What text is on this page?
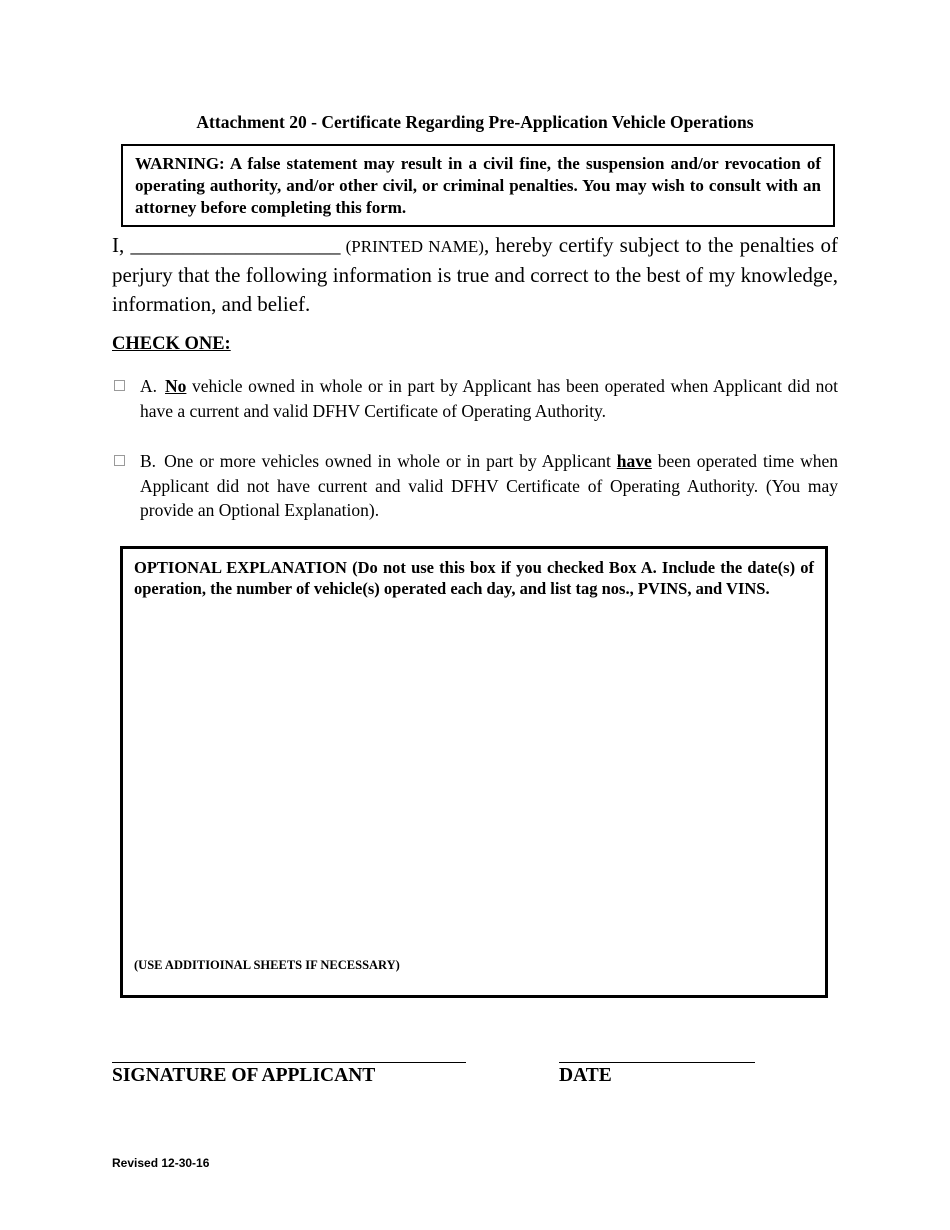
Attachment 20 - Certificate Regarding Pre-Application Vehicle Operations
WARNING: A false statement may result in a civil fine, the suspension and/or revocation of operating authority, and/or other civil, or criminal penalties. You may wish to consult with an attorney before completing this form.
I, ____________________ (PRINTED NAME), hereby certify subject to the penalties of perjury that the following information is true and correct to the best of my knowledge, information, and belief.
CHECK ONE:
A. No vehicle owned in whole or in part by Applicant has been operated when Applicant did not have a current and valid DFHV Certificate of Operating Authority.
B. One or more vehicles owned in whole or in part by Applicant have been operated time when Applicant did not have current and valid DFHV Certificate of Operating Authority. (You may provide an Optional Explanation).
OPTIONAL EXPLANATION (Do not use this box if you checked Box A. Include the date(s) of operation, the number of vehicle(s) operated each day, and list tag nos., PVINS, and VINS.
(USE ADDITIOINAL SHEETS IF NECESSARY)
SIGNATURE OF APPLICANT	DATE
Revised 12-30-16
